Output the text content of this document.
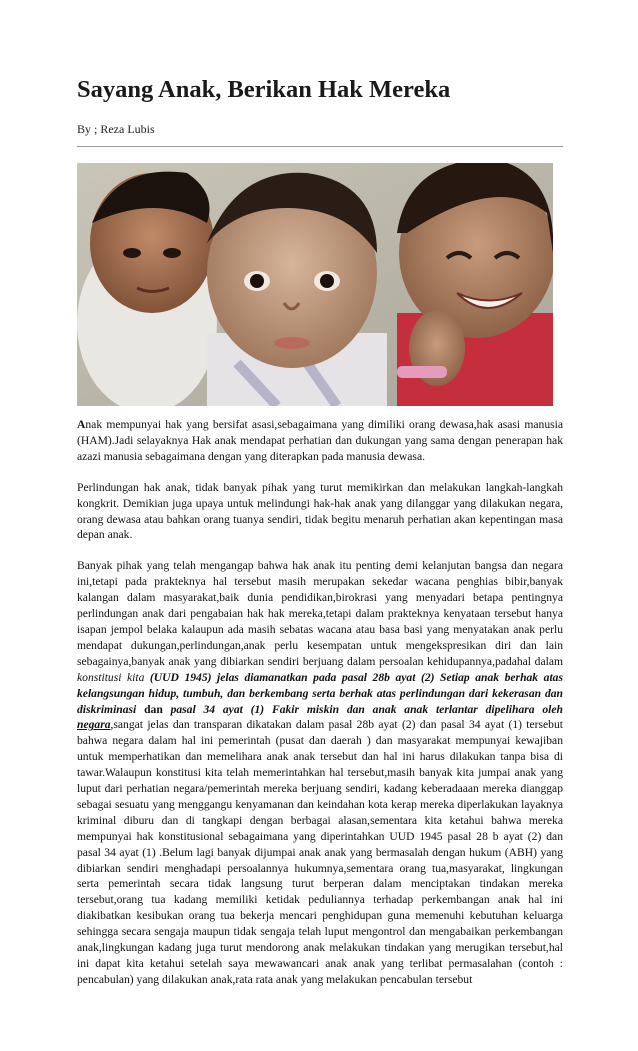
Sayang Anak, Berikan Hak Mereka
By ; Reza Lubis

Anak mempunyai hak yang bersifat asasi,sebagaimana yang dimiliki orang dewasa,hak asasi manusia (HAM).Jadi selayaknya Hak anak mendapat perhatian dan dukungan yang sama dengan penerapan hak azazi manusia sebagaimana dengan yang diterapkan pada manusia dewasa.

Perlindungan hak anak, tidak banyak pihak yang turut memikirkan dan melakukan langkah-langkah kongkrit. Demikian juga upaya untuk melindungi hak-hak anak yang dilanggar yang dilakukan negara, orang dewasa atau bahkan orang tuanya sendiri, tidak begitu menaruh perhatian akan kepentingan masa depan anak.

Banyak pihak yang telah mengangap bahwa hak anak itu penting demi kelanjutan bangsa dan negara ini,tetapi pada prakteknya hal tersebut masih merupakan sekedar wacana penghias bibir,banyak kalangan dalam masyarakat,baik dunia pendidikan,birokrasi yang menyadari betapa pentingnya perlindungan anak dari pengabaian hak hak mereka,tetapi dalam prakteknya kenyataan tersebut hanya isapan jempol belaka kalaupun ada masih sebatas wacana atau basa basi yang menyatakan anak perlu mendapat dukungan,perlindungan,anak perlu kesempatan untuk mengekspresikan diri dan lain sebagainya,banyak anak yang dibiarkan sendiri berjuang dalam persoalan kehidupannya,padahal dalam konstitusi kita (UUD 1945) jelas diamanatkan pada pasal 28b ayat (2) Setiap anak berhak atas kelangsungan hidup, tumbuh, dan berkembang serta berhak atas perlindungan dari kekerasan dan diskriminasi dan pasal 34 ayat (1) Fakir miskin dan anak anak terlantar dipelihara oleh negara,sangat jelas dan transparan dikatakan dalam pasal 28b ayat (2) dan pasal 34 ayat (1) tersebut bahwa negara dalam hal ini pemerintah (pusat dan daerah ) dan masyarakat mempunyai kewajiban untuk memperhatikan dan memelihara anak anak tersebut dan hal ini harus dilakukan tanpa bisa di tawar.Walaupun konstitusi kita telah memerintahkan hal tersebut,masih banyak kita jumpai anak yang luput dari perhatian negara/pemerintah mereka berjuang sendiri, kadang keberadaaan mereka dianggap sebagai sesuatu yang menggangu kenyamanan dan keindahan kota kerap mereka diperlakukan layaknya kriminal diburu dan di tangkapi dengan berbagai alasan,sementara kita ketahui bahwa mereka mempunyai hak konstitusional sebagaimana yang diperintahkan UUD 1945 pasal 28 b ayat (2) dan pasal 34 ayat (1) .Belum lagi banyak dijumpai anak anak yang bermasalah dengan hukum (ABH) yang dibiarkan sendiri menghadapi persoalannya hukumnya,sementara orang tua,masyarakat, lingkungan serta pemerintah secara tidak langsung turut berperan dalam menciptakan tindakan mereka tersebut,orang tua kadang memiliki ketidak peduliannya terhadap perkembangan anak hal ini diakibatkan kesibukan orang tua bekerja mencari penghidupan guna memenuhi kebutuhan keluarga sehingga secara sengaja maupun tidak sengaja telah luput mengontrol dan mengabaikan perkembangan anak,lingkungan kadang juga turut mendorong anak melakukan tindakan yang merugikan tersebut,hal ini dapat kita ketahui setelah saya mewawancari anak anak yang terlibat permasalahan (contoh : pencabulan) yang dilakukan anak,rata rata anak yang melakukan pencabulan tersebut
